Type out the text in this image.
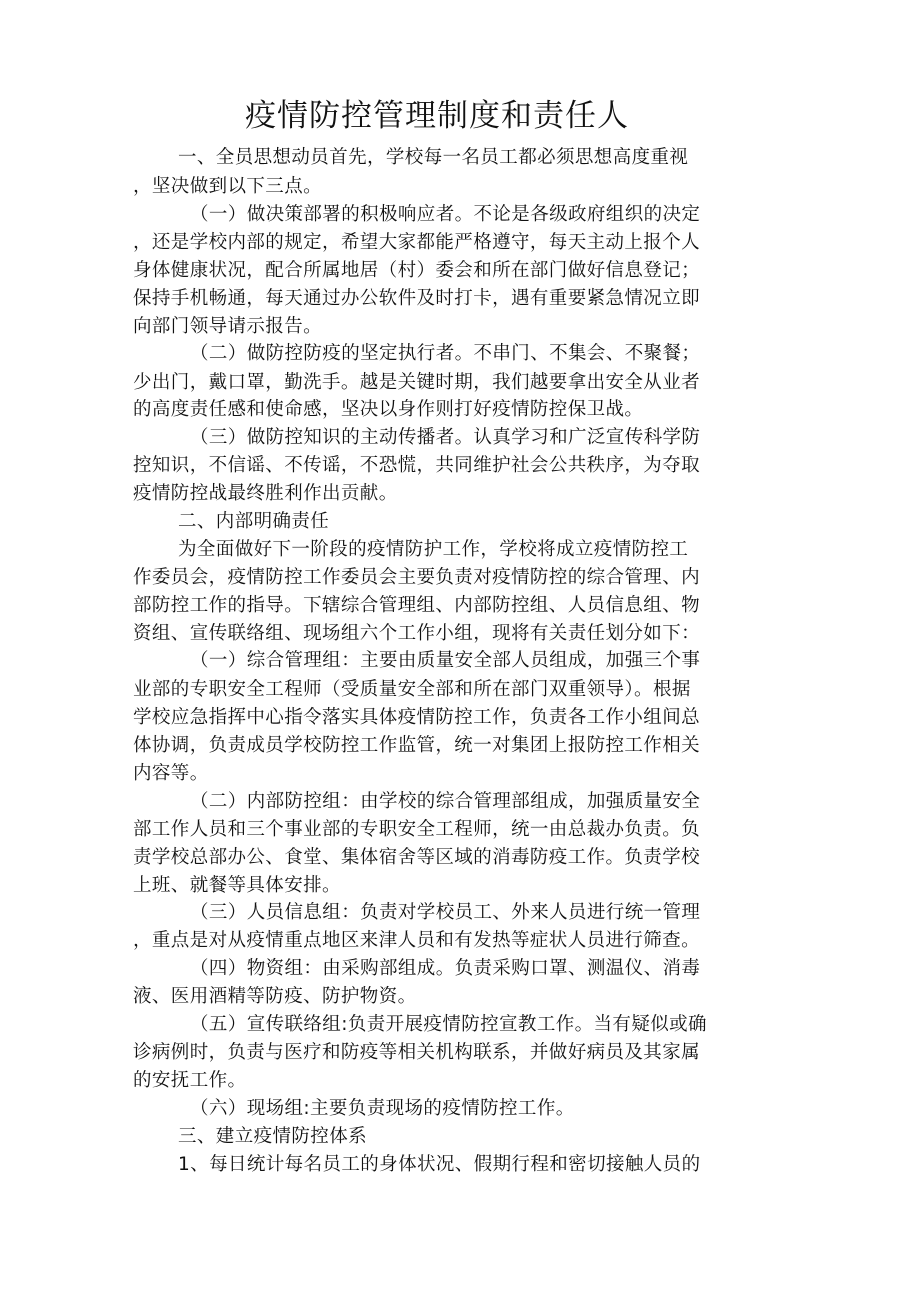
疫情防控管理制度和责任人
一、全员思想动员首先，学校每一名员工都必须思想高度重视
，坚决做到以下三点。
（一）做决策部署的积极响应者。不论是各级政府组织的决定
，还是学校内部的规定，希望大家都能严格遵守，每天主动上报个人
身体健康状况，配合所属地居（村）委会和所在部门做好信息登记；
保持手机畅通，每天通过办公软件及时打卡，遇有重要紧急情况立即
向部门领导请示报告。
（二）做防控防疫的坚定执行者。不串门、不集会、不聚餐；
少出门，戴口罩，勤洗手。越是关键时期，我们越要拿出安全从业者
的高度责任感和使命感，坚决以身作则打好疫情防控保卫战。
（三）做防控知识的主动传播者。认真学习和广泛宣传科学防
控知识，不信谣、不传谣，不恐慌，共同维护社会公共秩序，为夺取
疫情防控战最终胜利作出贡献。
二、内部明确责任
为全面做好下一阶段的疫情防护工作，学校将成立疫情防控工
作委员会，疫情防控工作委员会主要负责对疫情防控的综合管理、内
部防控工作的指导。下辖综合管理组、内部防控组、人员信息组、物
资组、宣传联络组、现场组六个工作小组，现将有关责任划分如下：
（一）综合管理组：主要由质量安全部人员组成，加强三个事
业部的专职安全工程师（受质量安全部和所在部门双重领导）。根据
学校应急指挥中心指令落实具体疫情防控工作，负责各工作小组间总
体协调，负责成员学校防控工作监管，统一对集团上报防控工作相关
内容等。
（二）内部防控组：由学校的综合管理部组成，加强质量安全
部工作人员和三个事业部的专职安全工程师，统一由总裁办负责。负
责学校总部办公、食堂、集体宿舍等区域的消毒防疫工作。负责学校
上班、就餐等具体安排。
（三）人员信息组：负责对学校员工、外来人员进行统一管理
，重点是对从疫情重点地区来津人员和有发热等症状人员进行筛查。
（四）物资组：由采购部组成。负责采购口罩、测温仪、消毒
液、医用酒精等防疫、防护物资。
（五）宣传联络组:负责开展疫情防控宣教工作。当有疑似或确
诊病例时，负责与医疗和防疫等相关机构联系，并做好病员及其家属
的安抚工作。
（六）现场组:主要负责现场的疫情防控工作。
三、建立疫情防控体系
1、每日统计每名员工的身体状况、假期行程和密切接触人员的
